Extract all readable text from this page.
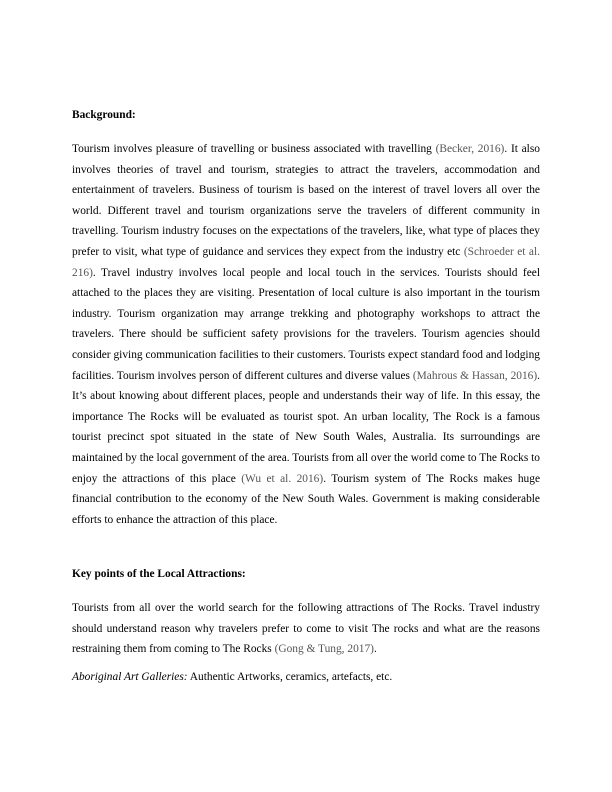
Background:

Tourism involves pleasure of travelling or business associated with travelling (Becker, 2016). It also involves theories of travel and tourism, strategies to attract the travelers, accommodation and entertainment of travelers. Business of tourism is based on the interest of travel lovers all over the world. Different travel and tourism organizations serve the travelers of different community in travelling. Tourism industry focuses on the expectations of the travelers, like, what type of places they prefer to visit, what type of guidance and services they expect from the industry etc (Schroeder et al. 216). Travel industry involves local people and local touch in the services. Tourists should feel attached to the places they are visiting. Presentation of local culture is also important in the tourism industry. Tourism organization may arrange trekking and photography workshops to attract the travelers. There should be sufficient safety provisions for the travelers. Tourism agencies should consider giving communication facilities to their customers. Tourists expect standard food and lodging facilities. Tourism involves person of different cultures and diverse values (Mahrous & Hassan, 2016). It’s about knowing about different places, people and understands their way of life. In this essay, the importance The Rocks will be evaluated as tourist spot. An urban locality, The Rock is a famous tourist precinct spot situated in the state of New South Wales, Australia. Its surroundings are maintained by the local government of the area. Tourists from all over the world come to The Rocks to enjoy the attractions of this place (Wu et al. 2016). Tourism system of The Rocks makes huge financial contribution to the economy of the New South Wales. Government is making considerable efforts to enhance the attraction of this place.

Key points of the Local Attractions:

Tourists from all over the world search for the following attractions of The Rocks. Travel industry should understand reason why travelers prefer to come to visit The rocks and what are the reasons restraining them from coming to The Rocks (Gong & Tung, 2017).

Aboriginal Art Galleries: Authentic Artworks, ceramics, artefacts, etc.
